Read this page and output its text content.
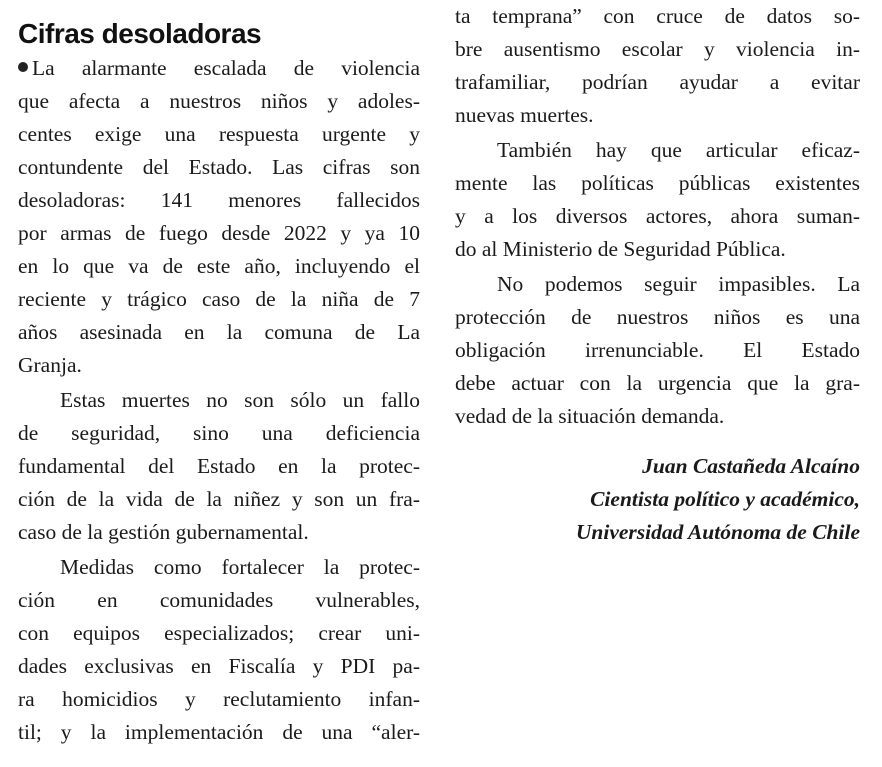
Cifras desoladoras
La alarmante escalada de violencia
que afecta a nuestros niños y adoles-
centes exige una respuesta urgente y
contundente del Estado. Las cifras son
desoladoras: 141 menores fallecidos
por armas de fuego desde 2022 y ya 10
en lo que va de este año, incluyendo el
reciente y trágico caso de la niña de 7
años asesinada en la comuna de La
Granja.
Estas muertes no son sólo un fallo
de seguridad, sino una deficiencia
fundamental del Estado en la protec-
ción de la vida de la niñez y son un fra-
caso de la gestión gubernamental.
Medidas como fortalecer la protec-
ción en comunidades vulnerables,
con equipos especializados; crear uni-
dades exclusivas en Fiscalía y PDI pa-
ra homicidios y reclutamiento infan-
til; y la implementación de una “aler-
ta temprana” con cruce de datos so-
bre ausentismo escolar y violencia in-
trafamiliar, podrían ayudar a evitar
nuevas muertes.
También hay que articular eficaz-
mente las políticas públicas existentes
y a los diversos actores, ahora suman-
do al Ministerio de Seguridad Pública.
No podemos seguir impasibles. La
protección de nuestros niños es una
obligación irrenunciable. El Estado
debe actuar con la urgencia que la gra-
vedad de la situación demanda.
Juan Castañeda Alcaíno
Cientista político y académico,
Universidad Autónoma de Chile
